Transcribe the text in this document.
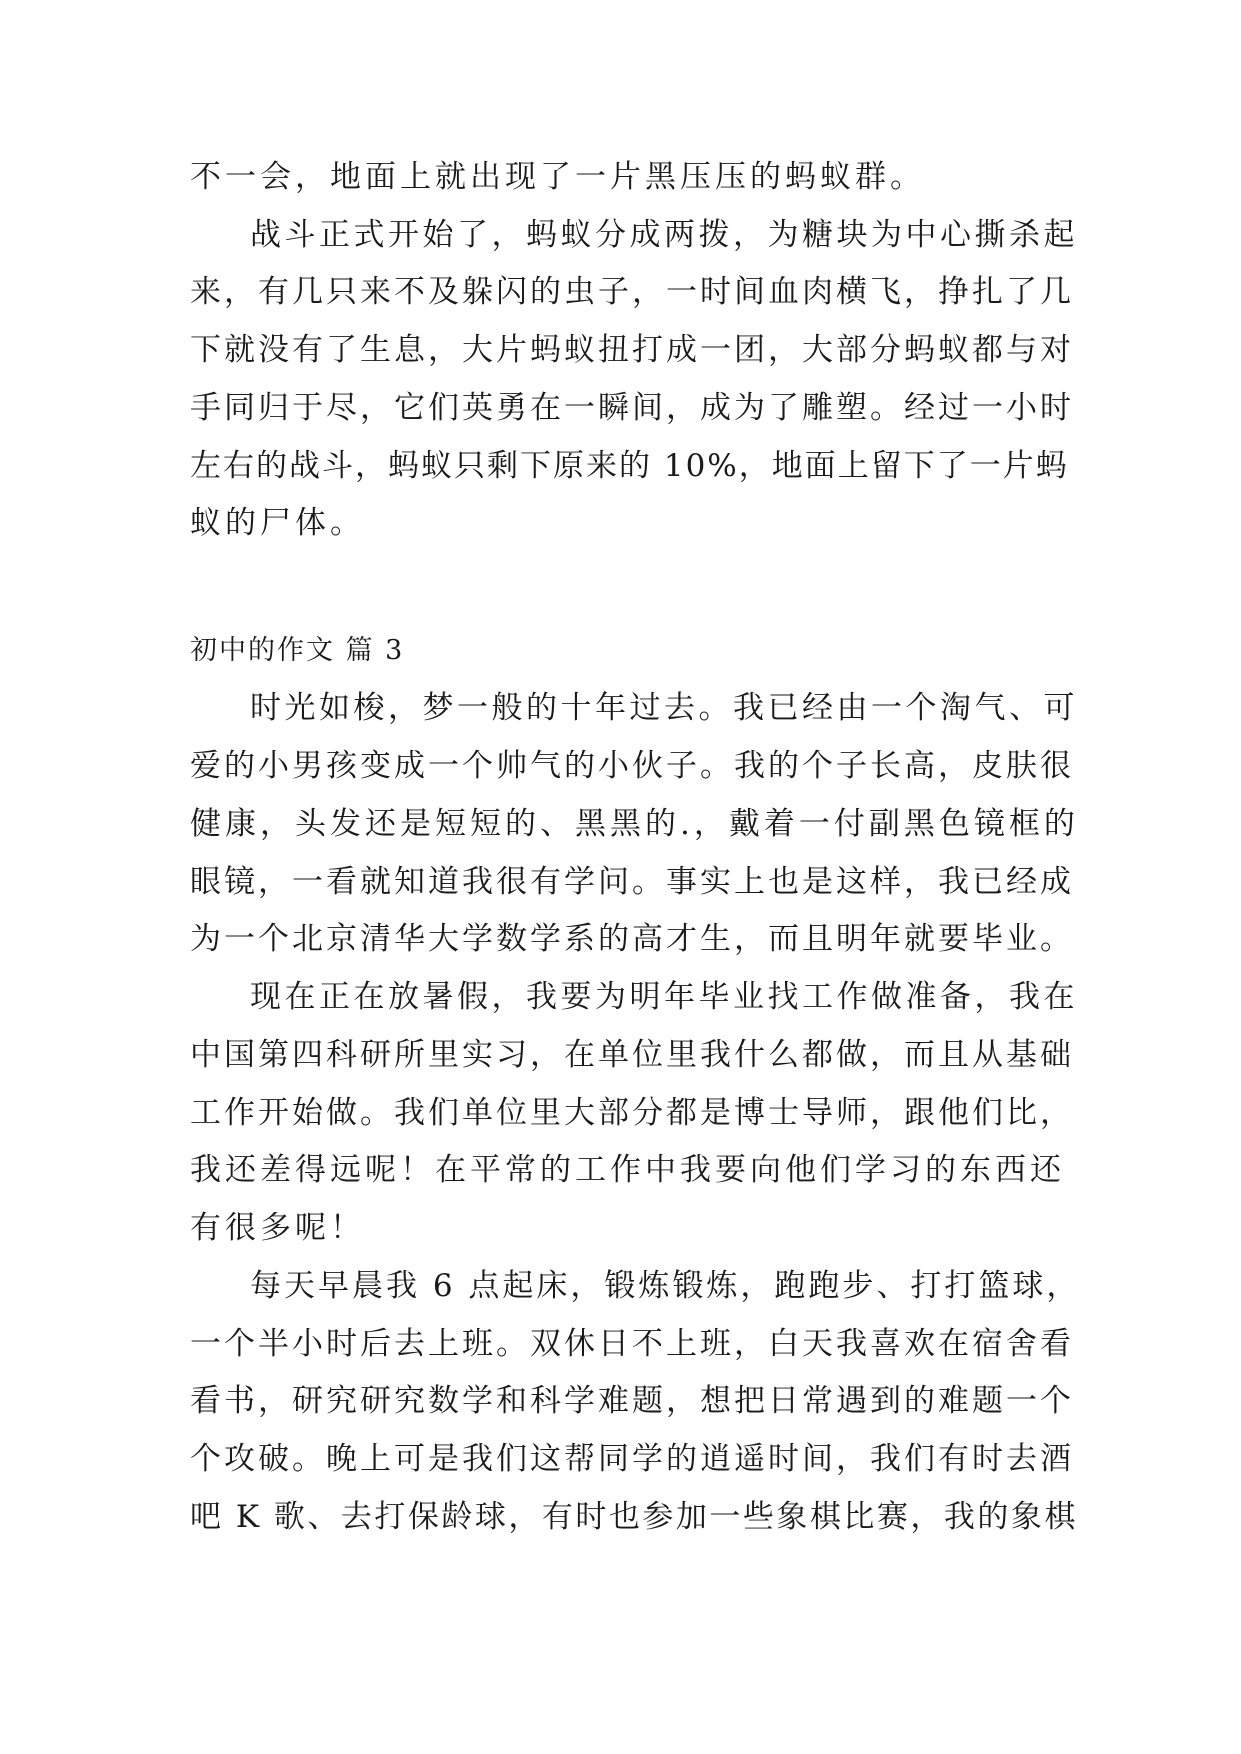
不一会，地面上就出现了一片黑压压的蚂蚁群。

战斗正式开始了，蚂蚁分成两拨，为糖块为中心撕杀起

来，有几只来不及躲闪的虫子，一时间血肉横飞，挣扎了几

下就没有了生息，大片蚂蚁扭打成一团，大部分蚂蚁都与对

手同归于尽，它们英勇在一瞬间，成为了雕塑。经过一小时

左右的战斗，蚂蚁只剩下原来的 10%，地面上留下了一片蚂

蚁的尸体。

初中的作文 篇 3

时光如梭，梦一般的十年过去。我已经由一个淘气、可

爱的小男孩变成一个帅气的小伙子。我的个子长高，皮肤很

健康，头发还是短短的、黑黑的.，戴着一付副黑色镜框的

眼镜，一看就知道我很有学问。事实上也是这样，我已经成

为一个北京清华大学数学系的高才生，而且明年就要毕业。

现在正在放暑假，我要为明年毕业找工作做准备，我在

中国第四科研所里实习，在单位里我什么都做，而且从基础

工作开始做。我们单位里大部分都是博士导师，跟他们比，

我还差得远呢！在平常的工作中我要向他们学习的东西还

有很多呢！

每天早晨我 6 点起床，锻炼锻炼，跑跑步、打打篮球，

一个半小时后去上班。双休日不上班，白天我喜欢在宿舍看

看书，研究研究数学和科学难题，想把日常遇到的难题一个

个攻破。晚上可是我们这帮同学的逍遥时间，我们有时去酒

吧 K 歌、去打保龄球，有时也参加一些象棋比赛，我的象棋
